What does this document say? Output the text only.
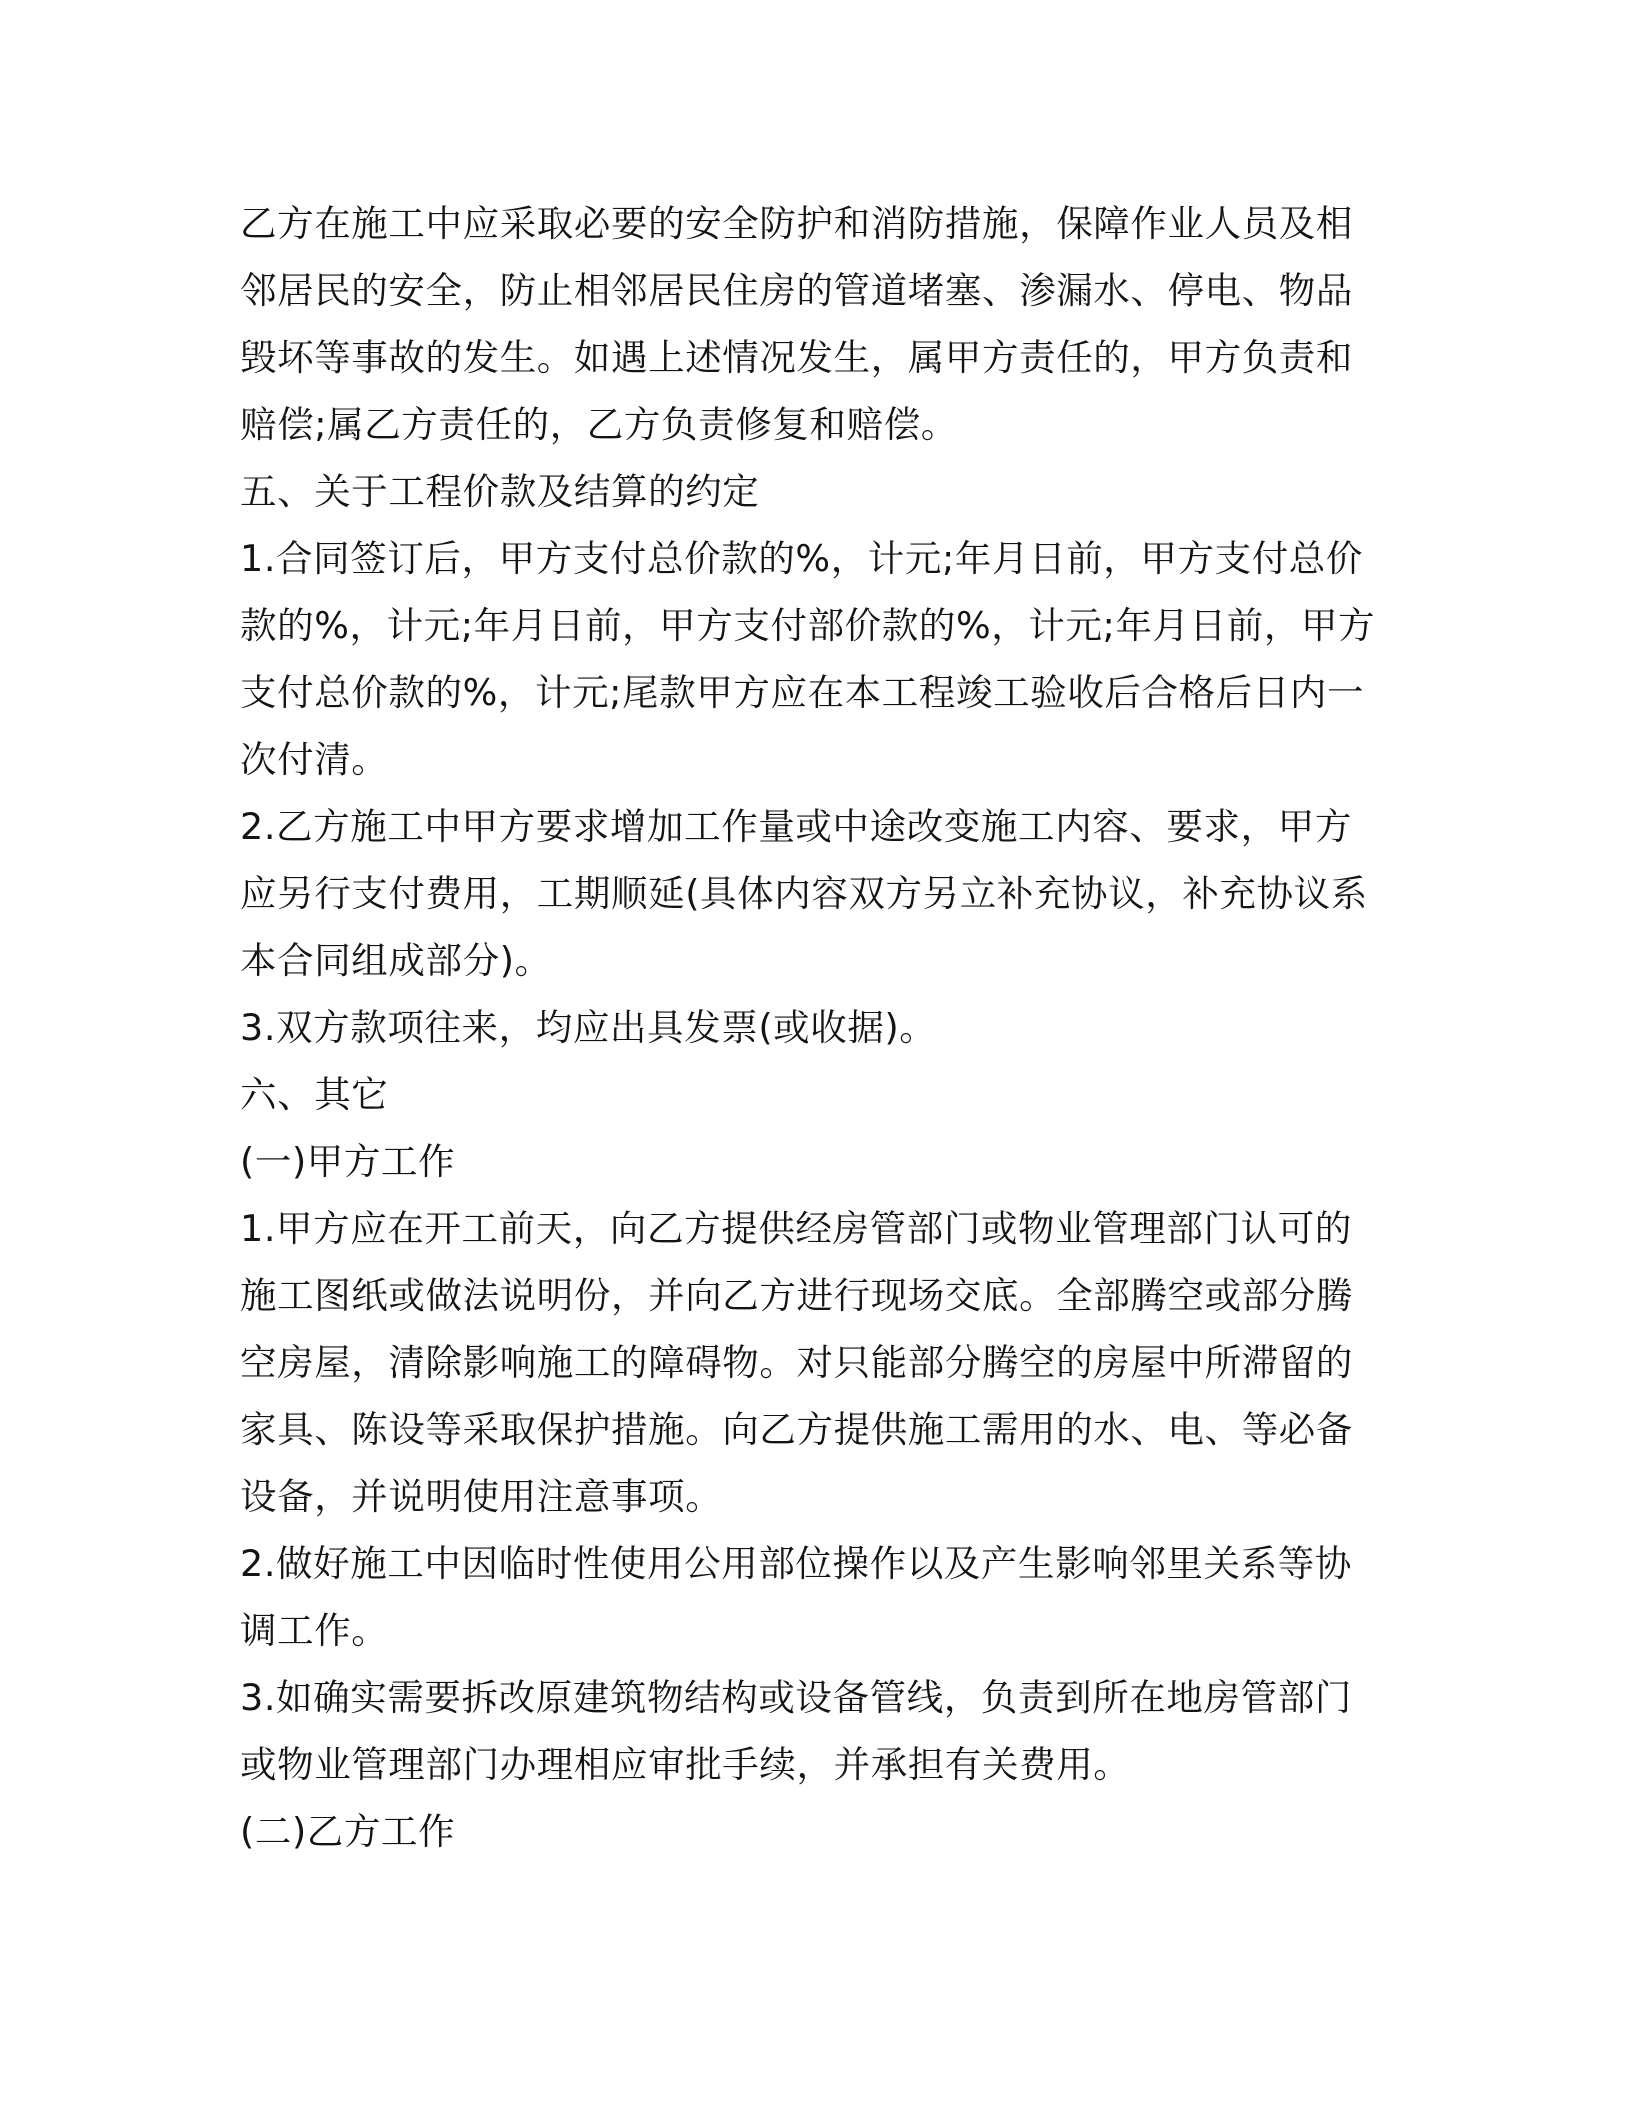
乙方在施工中应采取必要的安全防护和消防措施，保障作业人员及相
邻居民的安全，防止相邻居民住房的管道堵塞、渗漏水、停电、物品
毁坏等事故的发生。如遇上述情况发生，属甲方责任的，甲方负责和
赔偿;属乙方责任的，乙方负责修复和赔偿。
五、关于工程价款及结算的约定
1.合同签订后，甲方支付总价款的%，计元;年月日前，甲方支付总价
款的%，计元;年月日前，甲方支付部价款的%，计元;年月日前，甲方
支付总价款的%，计元;尾款甲方应在本工程竣工验收后合格后日内一
次付清。
2.乙方施工中甲方要求增加工作量或中途改变施工内容、要求，甲方
应另行支付费用，工期顺延(具体内容双方另立补充协议，补充协议系
本合同组成部分)。
3.双方款项往来，均应出具发票(或收据)。
六、其它
(一)甲方工作
1.甲方应在开工前天，向乙方提供经房管部门或物业管理部门认可的
施工图纸或做法说明份，并向乙方进行现场交底。全部腾空或部分腾
空房屋，清除影响施工的障碍物。对只能部分腾空的房屋中所滞留的
家具、陈设等采取保护措施。向乙方提供施工需用的水、电、等必备
设备，并说明使用注意事项。
2.做好施工中因临时性使用公用部位操作以及产生影响邻里关系等协
调工作。
3.如确实需要拆改原建筑物结构或设备管线，负责到所在地房管部门
或物业管理部门办理相应审批手续，并承担有关费用。
(二)乙方工作
